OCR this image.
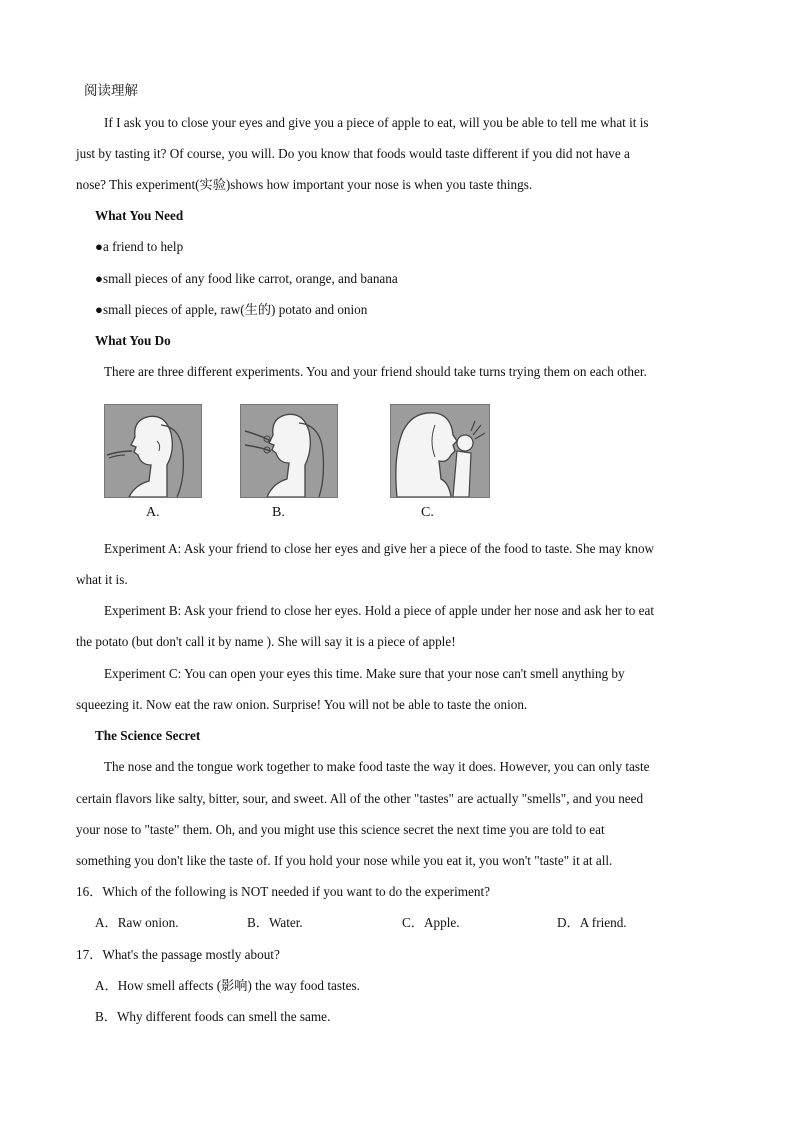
阅读理解
If I ask you to close your eyes and give you a piece of apple to eat, will you be able to tell me what it is
just by tasting it? Of course, you will. Do you know that foods would taste different if you did not have a
nose? This experiment(实验)shows how important your nose is when you taste things.
What You Need
●a friend to help
●small pieces of any food like carrot, orange, and banana
●small pieces of apple, raw(生的) potato and onion
What You Do
There are three different experiments. You and your friend should take turns trying them on each other.
A.	B.	C.
Experiment A: Ask your friend to close her eyes and give her a piece of the food to taste. She may know
what it is.
Experiment B: Ask your friend to close her eyes. Hold a piece of apple under her nose and ask her to eat
the potato (but don't call it by name ). She will say it is a piece of apple!
Experiment C: You can open your eyes this time. Make sure that your nose can't smell anything by
squeezing it. Now eat the raw onion. Surprise! You will not be able to taste the onion.
The Science Secret
The nose and the tongue work together to make food taste the way it does. However, you can only taste
certain flavors like salty, bitter, sour, and sweet. All of the other "tastes" are actually "smells", and you need
your nose to "taste" them. Oh, and you might use this science secret the next time you are told to eat
something you don't like the taste of. If you hold your nose while you eat it, you won't "taste" it at all.
16．Which of the following is NOT needed if you want to do the experiment?
A．Raw onion.	B．Water.	C．Apple.	D．A friend.
17．What's the passage mostly about?
A．How smell affects (影响) the way food tastes.
B．Why different foods can smell the same.
